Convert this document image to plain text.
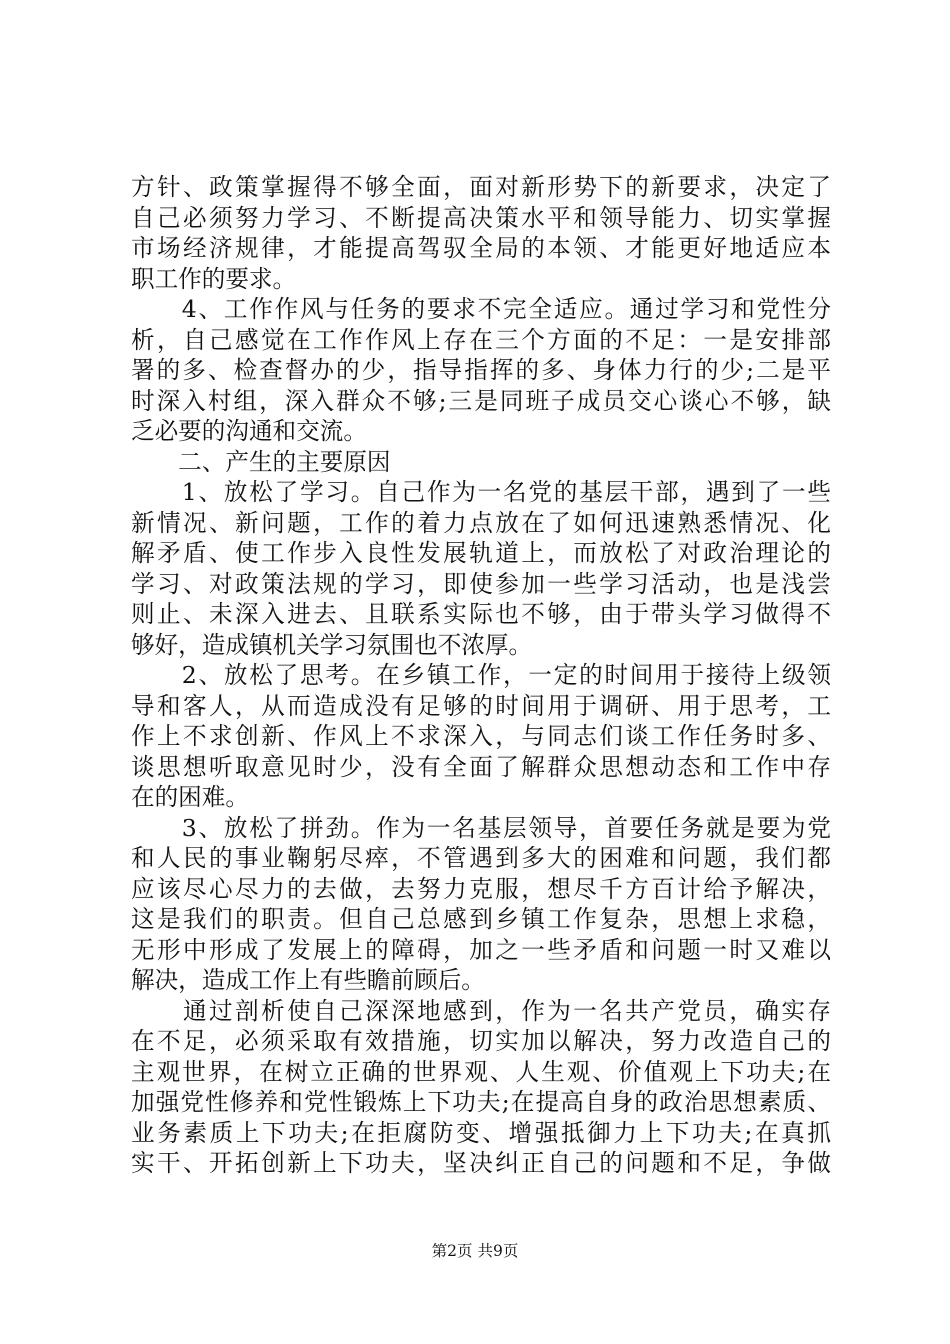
方针、政策掌握得不够全面，面对新形势下的新要求，决定了
自己必须努力学习、不断提高决策水平和领导能力、切实掌握
市场经济规律，才能提高驾驭全局的本领、才能更好地适应本
职工作的要求。
　　4、工作作风与任务的要求不完全适应。通过学习和党性分
析，自己感觉在工作作风上存在三个方面的不足：一是安排部
署的多、检查督办的少，指导指挥的多、身体力行的少;二是平
时深入村组，深入群众不够;三是同班子成员交心谈心不够，缺
乏必要的沟通和交流。
　　二、产生的主要原因
　　1、放松了学习。自己作为一名党的基层干部，遇到了一些
新情况、新问题，工作的着力点放在了如何迅速熟悉情况、化
解矛盾、使工作步入良性发展轨道上，而放松了对政治理论的
学习、对政策法规的学习，即使参加一些学习活动，也是浅尝
则止、未深入进去、且联系实际也不够，由于带头学习做得不
够好，造成镇机关学习氛围也不浓厚。
　　2、放松了思考。在乡镇工作，一定的时间用于接待上级领
导和客人，从而造成没有足够的时间用于调研、用于思考，工
作上不求创新、作风上不求深入，与同志们谈工作任务时多、
谈思想听取意见时少，没有全面了解群众思想动态和工作中存
在的困难。
　　3、放松了拼劲。作为一名基层领导，首要任务就是要为党
和人民的事业鞠躬尽瘁，不管遇到多大的困难和问题，我们都
应该尽心尽力的去做，去努力克服，想尽千方百计给予解决，
这是我们的职责。但自己总感到乡镇工作复杂，思想上求稳，
无形中形成了发展上的障碍，加之一些矛盾和问题一时又难以
解决，造成工作上有些瞻前顾后。
　　通过剖析使自己深深地感到，作为一名共产党员，确实存
在不足，必须采取有效措施，切实加以解决，努力改造自己的
主观世界，在树立正确的世界观、人生观、价值观上下功夫;在
加强党性修养和党性锻炼上下功夫;在提高自身的政治思想素质、
业务素质上下功夫;在拒腐防变、增强抵御力上下功夫;在真抓
实干、开拓创新上下功夫，坚决纠正自己的问题和不足，争做
第2页 共9页
